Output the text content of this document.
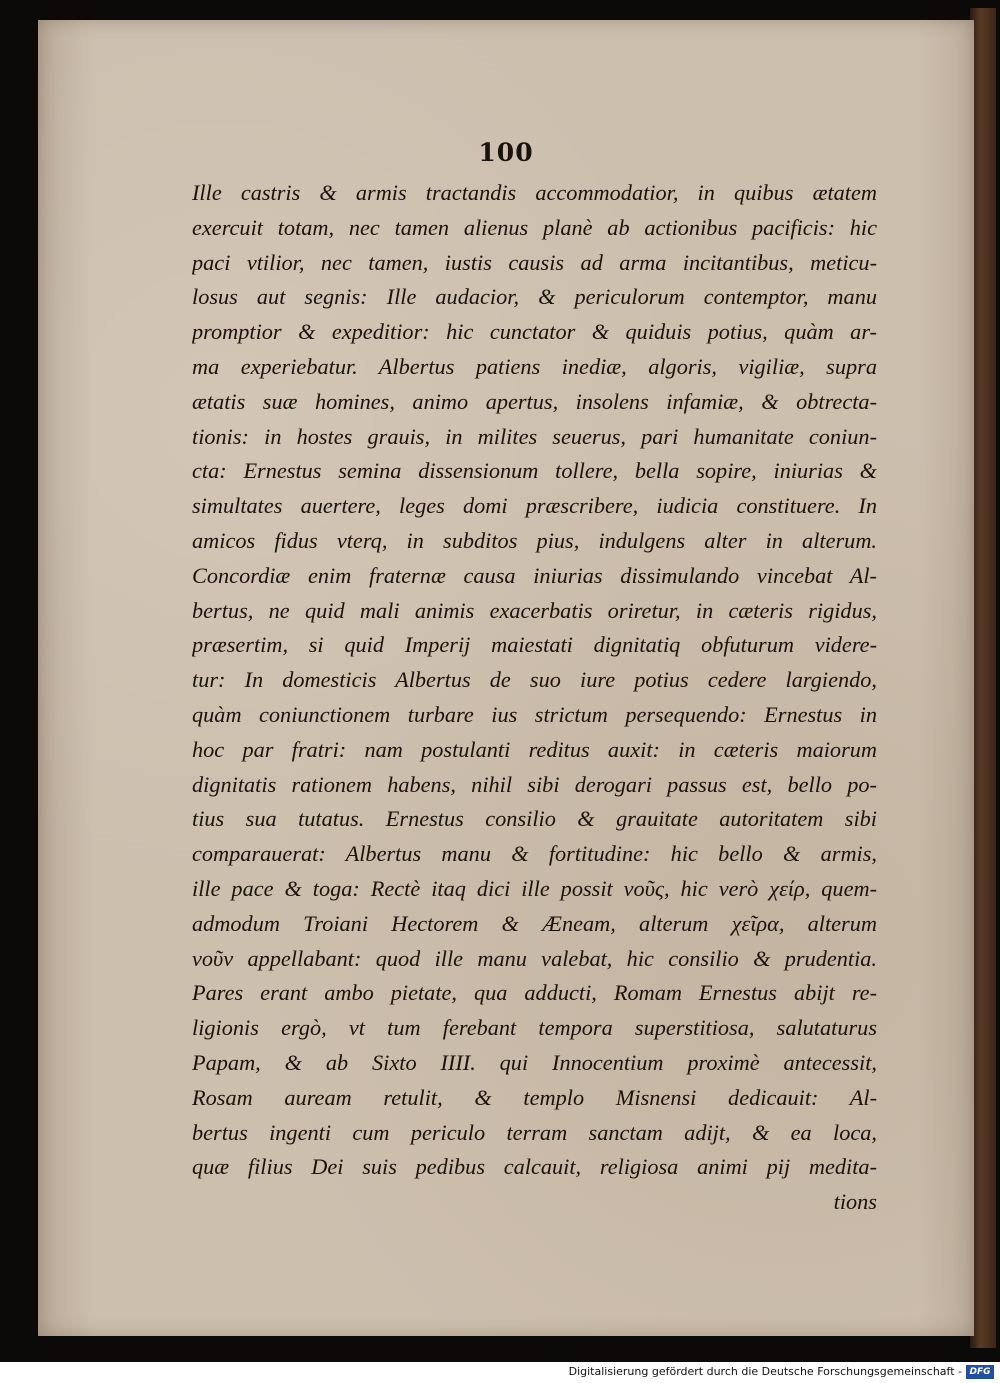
100
Ille castris & armis tractandis accommodatior, in quibus ætatem
exercuit totam, nec tamen alienus planè ab actionibus pacificis: hic
paci vtilior, nec tamen, iustis causis ad arma incitantibus, meticu-
losus aut segnis: Ille audacior, & periculorum contemptor, manu
promptior & expeditior: hic cunctator & quiduis potius, quàm ar-
ma experiebatur. Albertus patiens inediæ, algoris, vigiliæ, supra
ætatis suæ homines, animo apertus, insolens infamiæ, & obtrecta-
tionis: in hostes grauis, in milites seuerus, pari humanitate coniun-
cta: Ernestus semina dissensionum tollere, bella sopire, iniurias &
simultates auertere, leges domi præscribere, iudicia constituere. In
amicos fidus vterq, in subditos pius, indulgens alter in alterum.
Concordiæ enim fraternæ causa iniurias dissimulando vincebat Al-
bertus, ne quid mali animis exacerbatis oriretur, in cæteris rigidus,
præsertim, si quid Imperij maiestati dignitatiq obfuturum videre-
tur: In domesticis Albertus de suo iure potius cedere largiendo,
quàm coniunctionem turbare ius strictum persequendo: Ernestus in
hoc par fratri: nam postulanti reditus auxit: in cæteris maiorum
dignitatis rationem habens, nihil sibi derogari passus est, bello po-
tius sua tutatus. Ernestus consilio & grauitate autoritatem sibi
comparauerat: Albertus manu & fortitudine: hic bello & armis,
ille pace & toga: Rectè itaq dici ille possit νοῦς, hic verò χείρ, quem-
admodum Troiani Hectorem & Æneam, alterum χεῖρα, alterum
νοῦν appellabant: quod ille manu valebat, hic consilio & prudentia.
Pares erant ambo pietate, qua adducti, Romam Ernestus abijt re-
ligionis ergò, vt tum ferebant tempora superstitiosa, salutaturus
Papam, & ab Sixto IIII. qui Innocentium proximè antecessit,
Rosam auream retulit, & templo Misnensi dedicauit: Al-
bertus ingenti cum periculo terram sanctam adijt, & ea loca,
quæ filius Dei suis pedibus calcauit, religiosa animi pij medita-
tions
Digitalisierung gefördert durch die Deutsche Forschungsgemeinschaft - DFG
